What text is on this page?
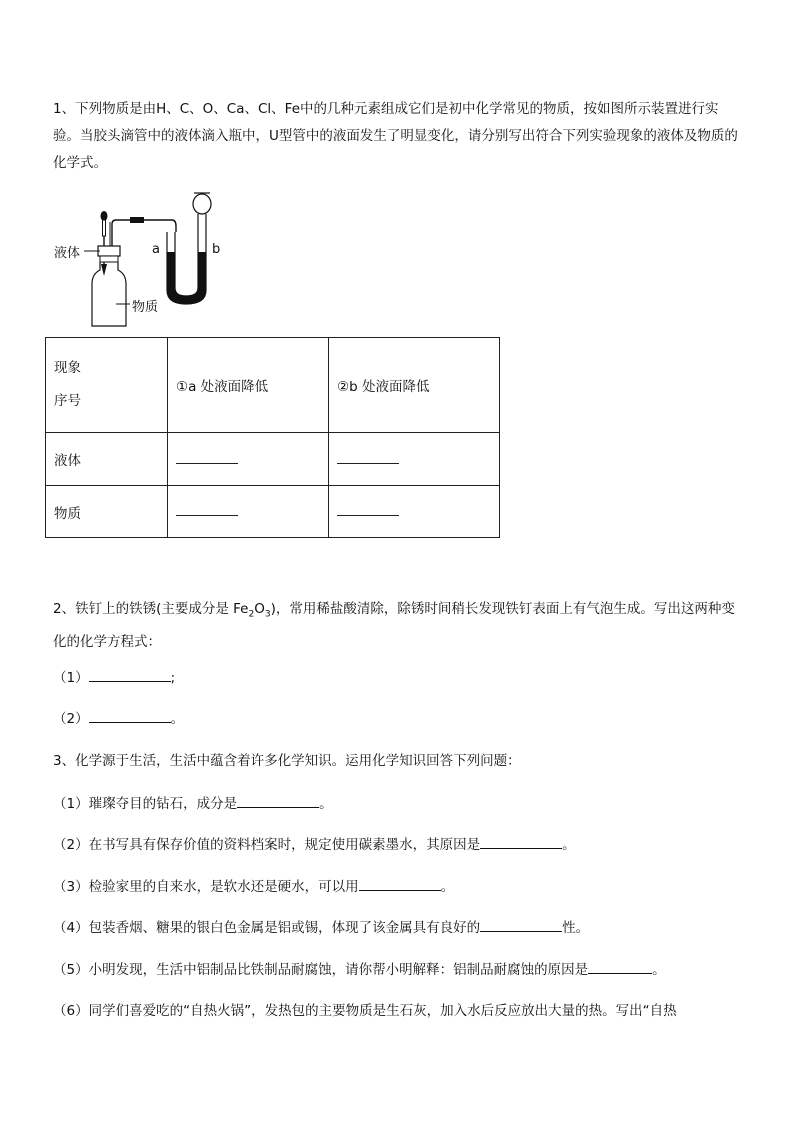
1、下列物质是由H、C、O、Ca、Cl、Fe中的几种元素组成它们是初中化学常见的物质，按如图所示装置进行实验。当胶头滴管中的液体滴入瓶中，U型管中的液面发生了明显变化，请分别写出符合下列实验现象的液体及物质的化学式。
液体
物质
a	b
现象
序号	①a 处液面降低	②b 处液面降低
液体		
物质		
2、铁钉上的铁锈(主要成分是 $Fe_2O_3$)，常用稀盐酸清除，除锈时间稍长发现铁钉表面上有气泡生成。写出这两种变化的化学方程式：
（1）	;
（2）	。
3、化学源于生活，生活中蕴含着许多化学知识。运用化学知识回答下列问题：
（1）璀璨夺目的钻石，成分是	。
（2）在书写具有保存价值的资料档案时，规定使用碳素墨水，其原因是	。
（3）检验家里的自来水，是软水还是硬水，可以用	。
（4）包装香烟、糖果的银白色金属是铝或锡，体现了该金属具有良好的	性。
（5）小明发现，生活中铝制品比铁制品耐腐蚀，请你帮小明解释：铝制品耐腐蚀的原因是	。
（6）同学们喜爱吃的“自热火锅”，发热包的主要物质是生石灰，加入水后反应放出大量的热。写出“自热
